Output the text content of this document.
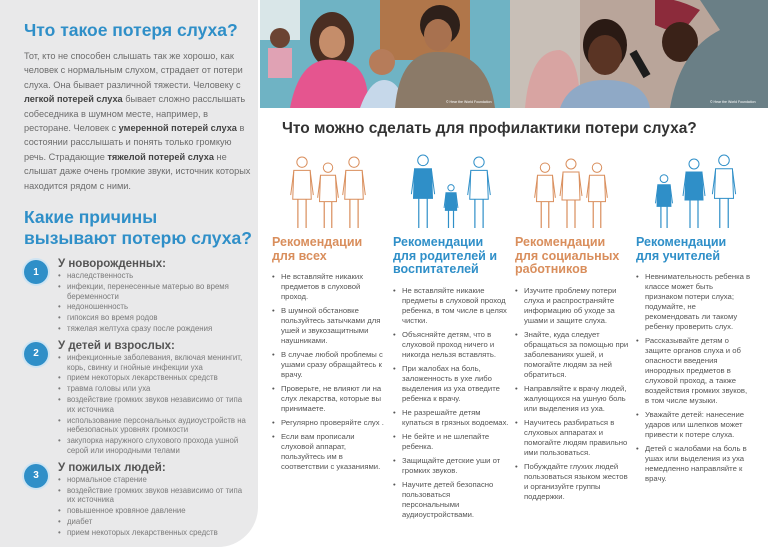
Что такое потеря слуха?

Тот, кто не способен слышать так же хорошо, как человек с нормальным слухом, страдает от потери слуха. Она бывает различной тяжести. Человеку с легкой потерей слуха бывает сложно расслышать собеседника в шумном месте, например, в ресторане. Человек с умеренной потерей слуха в состоянии расслышать и понять только громкую речь. Страдающие тяжелой потерей слуха не слышат даже очень громкие звуки, источник которых находится рядом с ними.

Какие причины вызывают потерю слуха?
1
У новорожденных:
• наследственность
• инфекции, перенесенные матерью во время беременности
• недоношенность
• гипоксия во время родов
• тяжелая желтуха сразу после рождения
2
У детей и взрослых:
• инфекционные заболевания, включая менингит, корь, свинку и гнойные инфекции уха
• прием некоторых лекарственных средств
• травма головы или уха
• воздействие громких звуков независимо от типа их источника
• использование персональных аудиоустройств на небезопасных уровнях громкости
• закупорка наружного слухового прохода ушной серой или инородными телами
3
У пожилых людей:
• нормальное старение
• воздействие громких звуков независимо от типа их источника
• повышенное кровяное давление
• диабет
• прием некоторых лекарственных средств
© Hear the World Foundation	© Hear the World Foundation
Что можно сделать для профилактики потери слуха?
Рекомендации для всех
• Не вставляйте никаких предметов в слуховой проход.
• В шумной обстановке пользуйтесь затычками для ушей и звукозащитными наушниками.
• В случае любой проблемы с ушами сразу обращайтесь к врачу.
• Проверьте, не влияют ли на слух лекарства, которые вы принимаете.
• Регулярно проверяйте слух .
• Если вам прописали слуховой аппарат, пользуйтесь им в соответствии с указаниями.
Рекомендации для родителей и воспитателей
• Не вставляйте никакие предметы в слуховой проход ребенка, в том числе в целях чистки.
• Объясняйте детям, что в слуховой проход ничего и никогда нельзя вставлять.
• При жалобах на боль, заложенность в ухе либо выделения из уха отведите ребенка к врачу.
• Не разрешайте детям купаться в грязных водоемах.
• Не бейте и не шлепайте ребенка.
• Защищайте детские уши от громких звуков.
• Научите детей безопасно пользоваться персональными аудиоустройствами.
Рекомендации для социальных работников
• Изучите проблему потери слуха и распространяйте информацию об уходе за ушами и защите слуха.
• Знайте, куда следует обращаться за помощью при заболеваниях ушей, и помогайте людям за ней обратиться.
• Направляйте к врачу людей, жалующихся на ушную боль или выделения из уха.
• Научитесь разбираться в слуховых аппаратах и помогайте людям правильно ими пользоваться.
• Побуждайте глухих людей пользоваться языком жестов и организуйте группы поддержки.
Рекомендации для учителей
• Невнимательность ребенка в классе может быть признаком потери слуха; подумайте, не рекомендовать ли такому ребенку проверить слух.
• Рассказывайте детям о защите органов слуха и об опасности введения инородных предметов в слуховой проход, а также воздействия громких звуков, в том числе музыки.
• Уважайте детей: нанесение ударов или шлепков может привести к потере слуха.
• Детей с жалобами на боль в ушах или выделения из уха немедленно направляйте к врачу.
